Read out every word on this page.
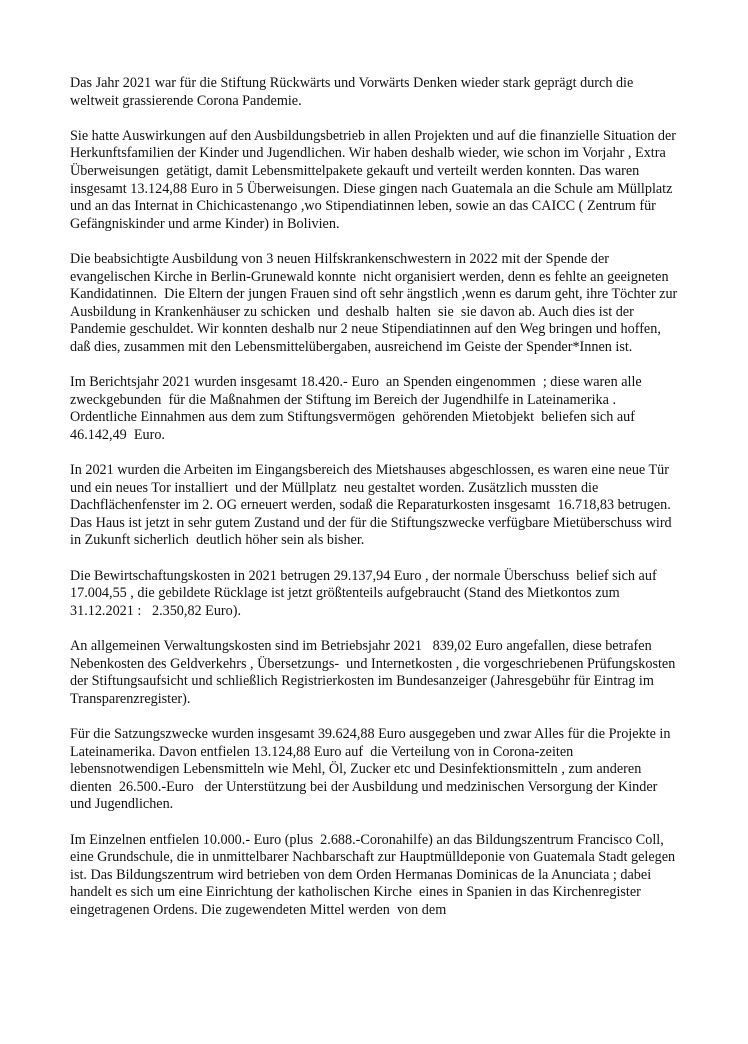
Das Jahr 2021 war für die Stiftung Rückwärts und Vorwärts Denken wieder stark geprägt durch die weltweit grassierende Corona Pandemie.

Sie hatte Auswirkungen auf den Ausbildungsbetrieb in allen Projekten und auf die finanzielle Situation der Herkunftsfamilien der Kinder und Jugendlichen. Wir haben deshalb wieder, wie schon im Vorjahr , Extra Überweisungen  getätigt, damit Lebensmittelpakete gekauft und verteilt werden konnten. Das waren insgesamt 13.124,88 Euro in 5 Überweisungen. Diese gingen nach Guatemala an die Schule am Müllplatz und an das Internat in Chichicastenango ,wo Stipendiatinnen leben, sowie an das CAICC ( Zentrum für Gefängniskinder und arme Kinder) in Bolivien.

Die beabsichtigte Ausbildung von 3 neuen Hilfskrankenschwestern in 2022 mit der Spende der evangelischen Kirche in Berlin-Grunewald konnte  nicht organisiert werden, denn es fehlte an geeigneten Kandidatinnen.  Die Eltern der jungen Frauen sind oft sehr ängstlich ,wenn es darum geht, ihre Töchter zur Ausbildung in Krankenhäuser zu schicken  und  deshalb  halten  sie  sie davon ab. Auch dies ist der Pandemie geschuldet. Wir konnten deshalb nur 2 neue Stipendiatinnen auf den Weg bringen und hoffen, daß dies, zusammen mit den Lebensmittelübergaben, ausreichend im Geiste der Spender*Innen ist.

Im Berichtsjahr 2021 wurden insgesamt 18.420.- Euro  an Spenden eingenommen  ; diese waren alle zweckgebunden  für die Maßnahmen der Stiftung im Bereich der Jugendhilfe in Lateinamerika .

Ordentliche Einnahmen aus dem zum Stiftungsvermögen  gehörenden Mietobjekt  beliefen sich auf 46.142,49  Euro.

In 2021 wurden die Arbeiten im Eingangsbereich des Mietshauses abgeschlossen, es waren eine neue Tür und ein neues Tor installiert  und der Müllplatz  neu gestaltet worden. Zusätzlich mussten die Dachflächenfenster im 2. OG erneuert werden, sodaß die Reparaturkosten insgesamt  16.718,83 betrugen. Das Haus ist jetzt in sehr gutem Zustand und der für die Stiftungszwecke verfügbare Mietüberschuss wird in Zukunft sicherlich  deutlich höher sein als bisher.

Die Bewirtschaftungskosten in 2021 betrugen 29.137,94 Euro , der normale Überschuss  belief sich auf 17.004,55 , die gebildete Rücklage ist jetzt größtenteils aufgebraucht (Stand des Mietkontos zum 31.12.2021 :   2.350,82 Euro).

An allgemeinen Verwaltungskosten sind im Betriebsjahr 2021   839,02 Euro angefallen, diese betrafen Nebenkosten des Geldverkehrs , Übersetzungs-  und Internetkosten , die vorgeschriebenen Prüfungskosten der Stiftungsaufsicht und schließlich Registrierkosten im Bundesanzeiger (Jahresgebühr für Eintrag im Transparenzregister).

Für die Satzungszwecke wurden insgesamt 39.624,88 Euro ausgegeben und zwar Alles für die Projekte in Lateinamerika. Davon entfielen 13.124,88 Euro auf  die Verteilung von in Corona-zeiten lebensnotwendigen Lebensmitteln wie Mehl, Öl, Zucker etc und Desinfektionsmitteln , zum anderen dienten  26.500.-Euro   der Unterstützung bei der Ausbildung und medzinischen Versorgung der Kinder und Jugendlichen.

Im Einzelnen entfielen 10.000.- Euro (plus  2.688.-Coronahilfe) an das Bildungszentrum Francisco Coll, eine Grundschule, die in unmittelbarer Nachbarschaft zur Hauptmülldeponie von Guatemala Stadt gelegen ist. Das Bildungszentrum wird betrieben von dem Orden Hermanas Dominicas de la Anunciata ; dabei handelt es sich um eine Einrichtung der katholischen Kirche  eines in Spanien in das Kirchenregister eingetragenen Ordens. Die zugewendeten Mittel werden  von dem
